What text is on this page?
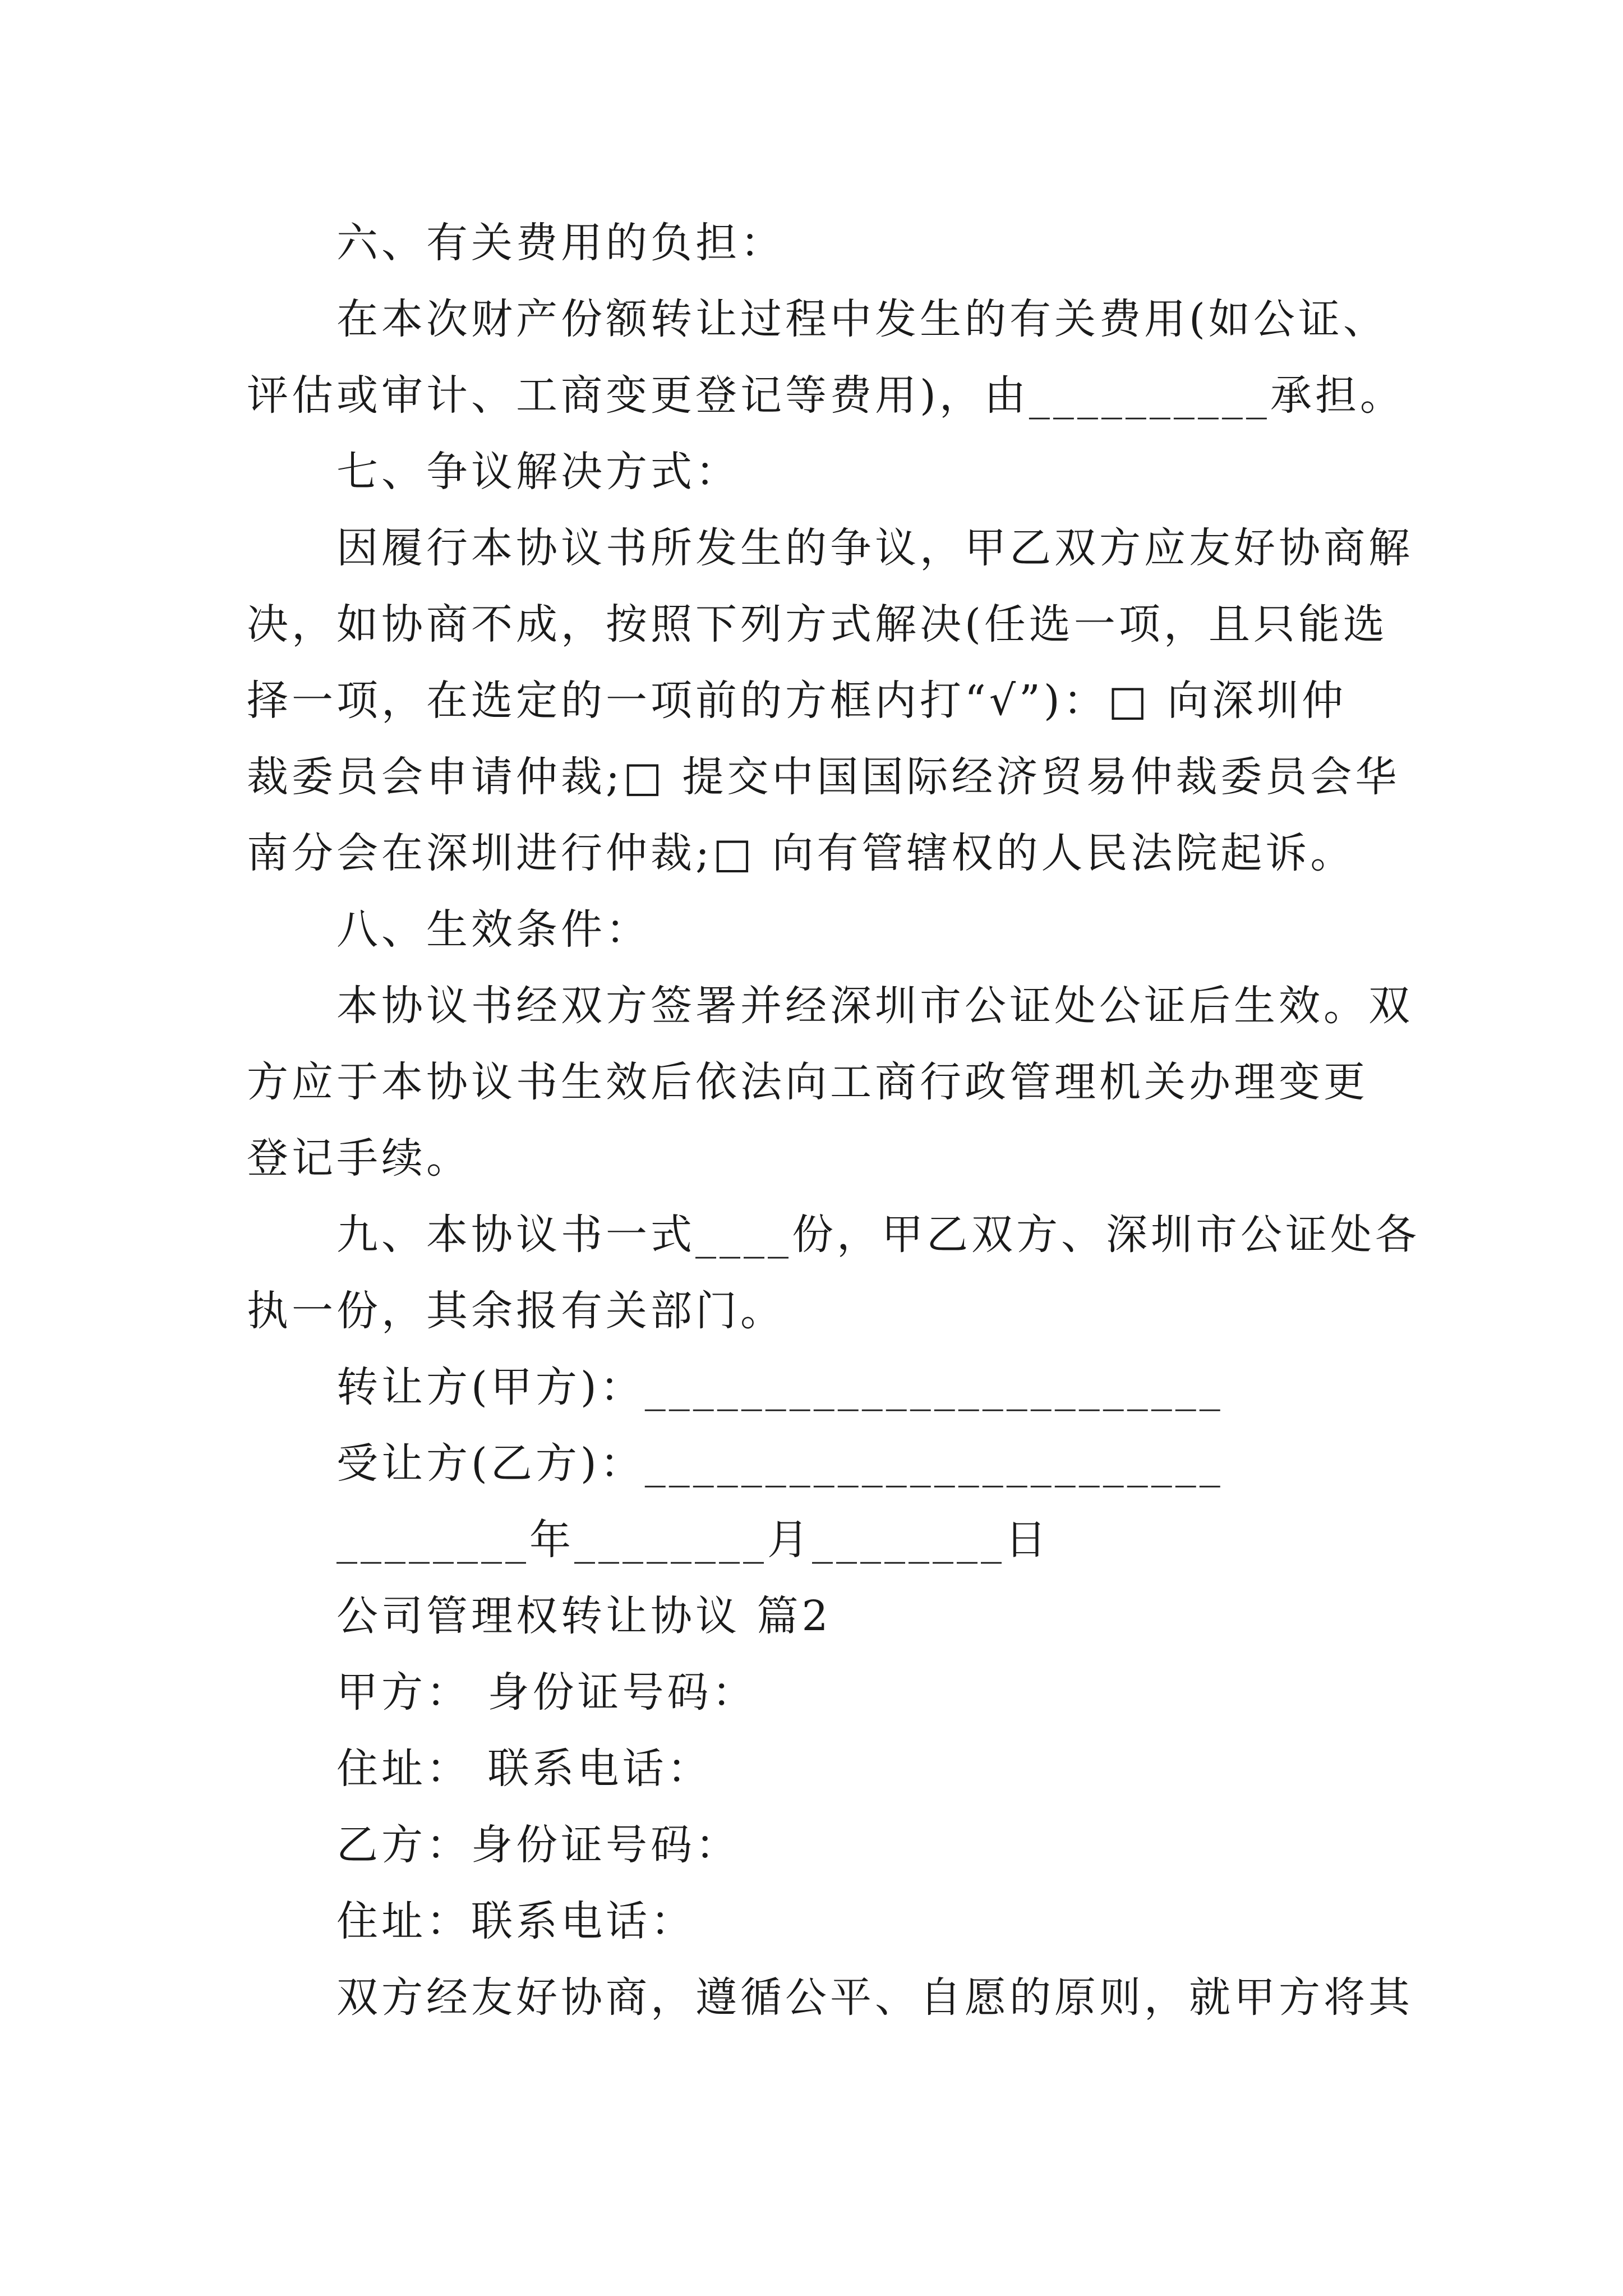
六、有关费用的负担：
在本次财产份额转让过程中发生的有关费用(如公证、
评估或审计、工商变更登记等费用)，由__________承担。
七、争议解决方式：
因履行本协议书所发生的争议，甲乙双方应友好协商解
决，如协商不成，按照下列方式解决(任选一项，且只能选
择一项，在选定的一项前的方框内打“√”)：□ 向深圳仲
裁委员会申请仲裁;□ 提交中国国际经济贸易仲裁委员会华
南分会在深圳进行仲裁;□ 向有管辖权的人民法院起诉。
八、生效条件：
本协议书经双方签署并经深圳市公证处公证后生效。双
方应于本协议书生效后依法向工商行政管理机关办理变更
登记手续。
九、本协议书一式____份，甲乙双方、深圳市公证处各
执一份，其余报有关部门。
转让方(甲方)：________________________
受让方(乙方)：________________________
________年________月________日
公司管理权转让协议 篇2
甲方： 身份证号码：
住址： 联系电话：
乙方：身份证号码：
住址：联系电话：
双方经友好协商，遵循公平、自愿的原则，就甲方将其
